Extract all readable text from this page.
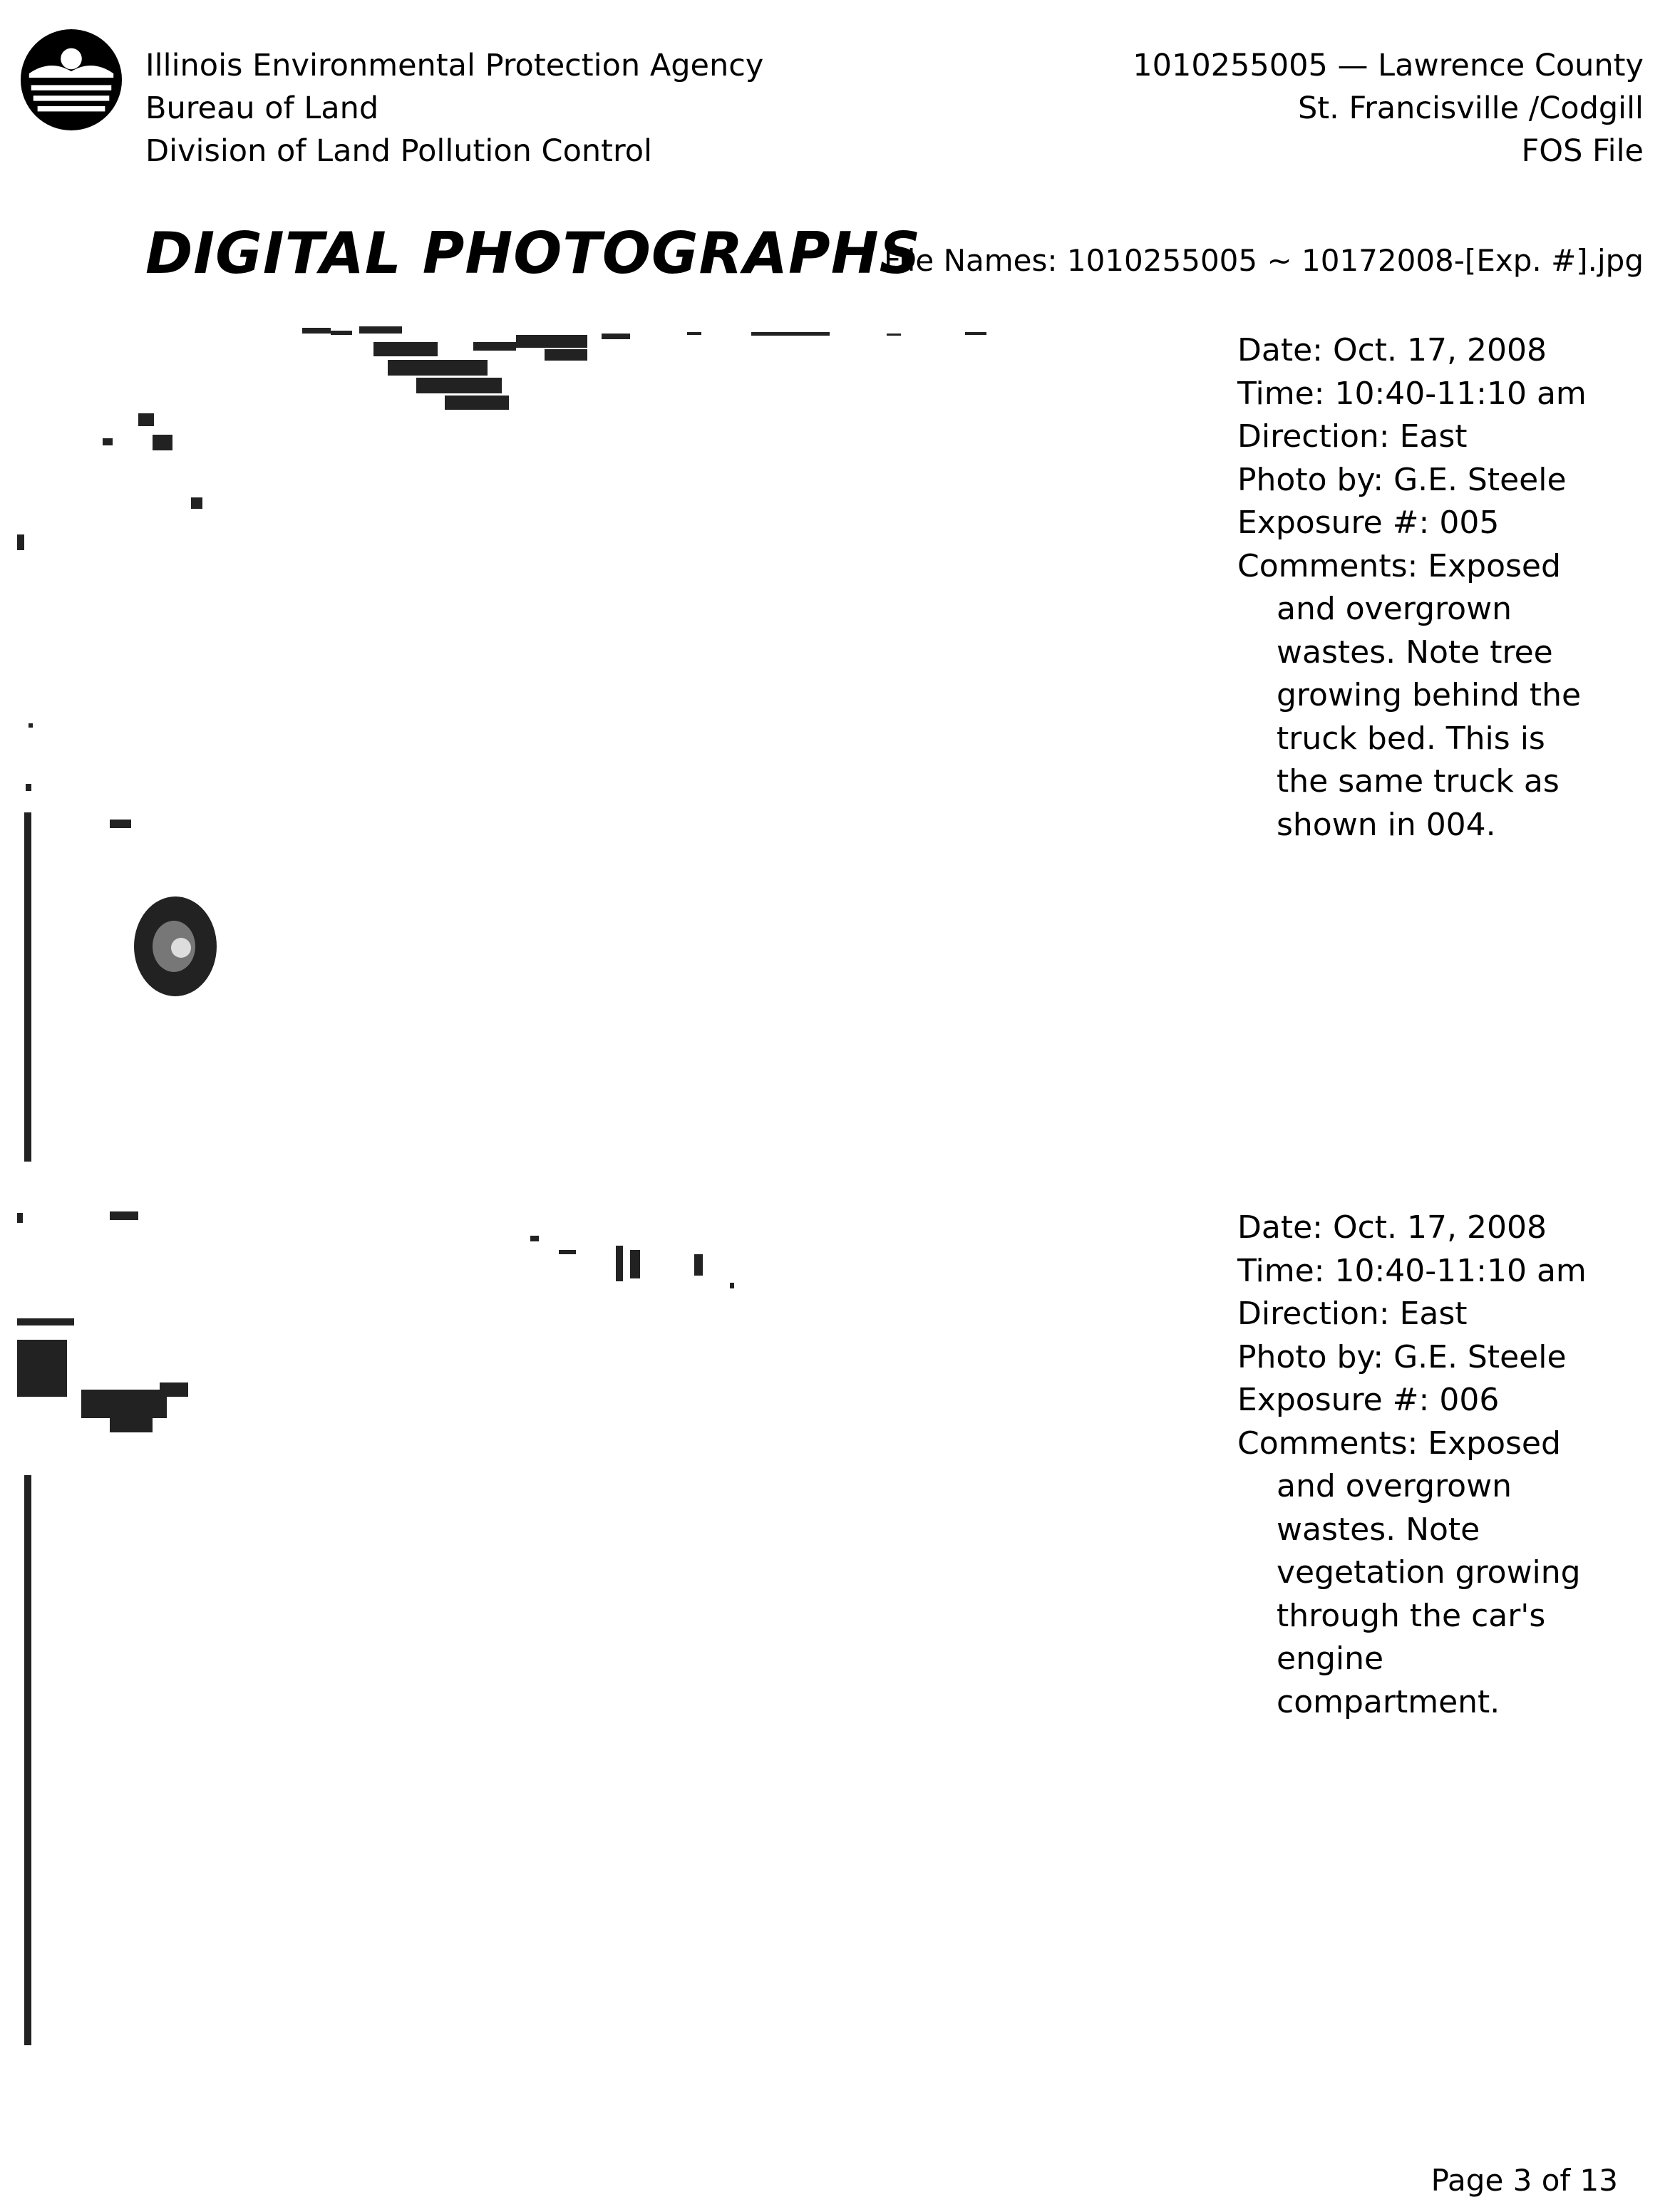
Illinois Environmental Protection Agency
Bureau of Land
Division of Land Pollution Control
1010255005 — Lawrence County
St. Francisville /Codgill
FOS File
DIGITAL PHOTOGRAPHS
File Names: 1010255005 ~ 10172008-[Exp. #].jpg
Date: Oct. 17, 2008
Time: 10:40-11:10 am
Direction: East
Photo by: G.E. Steele
Exposure #: 005
Comments: Exposed
and overgrown wastes. Note tree growing behind the truck bed. This is the same truck as shown in 004.
Date: Oct. 17, 2008
Time: 10:40-11:10 am
Direction: East
Photo by: G.E. Steele
Exposure #: 006
Comments: Exposed
and overgrown wastes. Note vegetation growing through the car's engine compartment.
Page 3 of 13
